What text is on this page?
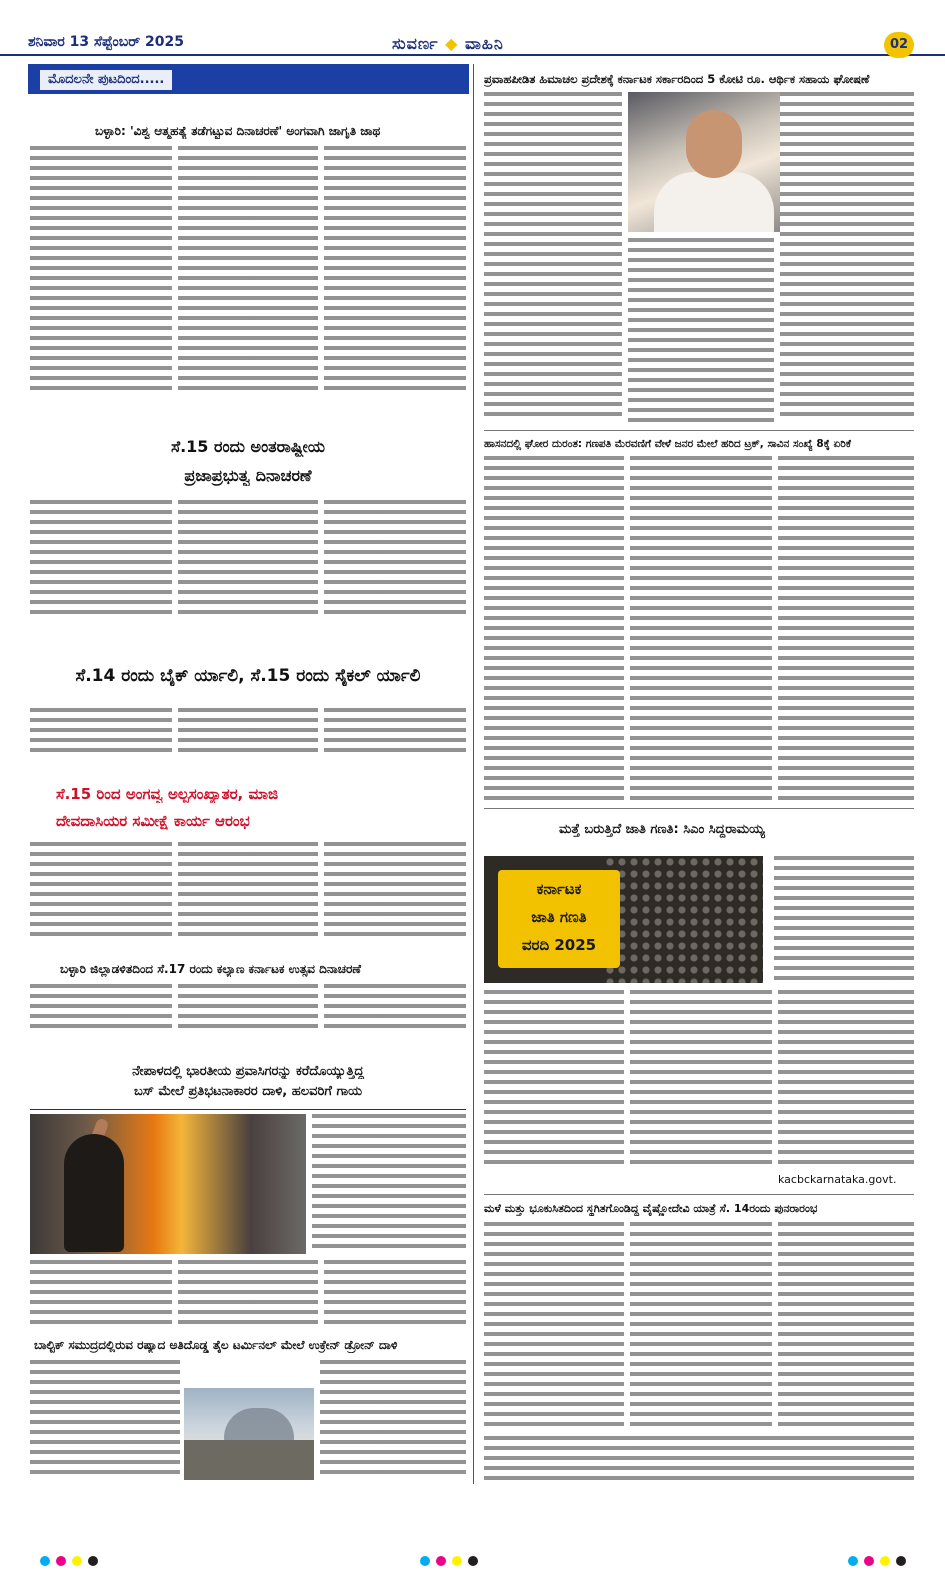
ಶನಿವಾರ 13 ಸೆಪ್ಟೆಂಬರ್ 2025	ಸುವರ್ಣ ◆ ವಾಹಿನಿ	02
ಮೊದಲನೇ ಪುಟದಿಂದ.....
ಬಳ್ಳಾರಿ: 'ವಿಶ್ವ ಆತ್ಮಹತ್ಯೆ ತಡೆಗಟ್ಟುವ ದಿನಾಚರಣೆ' ಅಂಗವಾಗಿ ಜಾಗೃತಿ ಜಾಥ
ಸೆ.15 ರಂದು ಅಂತರಾಷ್ಟ್ರೀಯ
ಪ್ರಜಾಪ್ರಭುತ್ವ ದಿನಾಚರಣೆ
ಸೆ.14 ರಂದು ಬೈಕ್ ರ್ಯಾಲಿ, ಸೆ.15 ರಂದು ಸೈಕಲ್ ರ್ಯಾಲಿ
ಸೆ.15 ರಿಂದ ಅಂಗವ್ವ ಅಲ್ಪಸಂಖ್ಯಾತರ, ಮಾಜಿ
ದೇವದಾಸಿಯರ ಸಮೀಕ್ಷೆ ಕಾರ್ಯ ಆರಂಭ
ಬಳ್ಳಾರಿ ಜಿಲ್ಲಾಡಳಿತದಿಂದ ಸೆ.17 ರಂದು ಕಲ್ಯಾಣ ಕರ್ನಾಟಕ ಉತ್ಸವ ದಿನಾಚರಣೆ
ನೇಪಾಳದಲ್ಲಿ ಭಾರತೀಯ ಪ್ರವಾಸಿಗರನ್ನು ಕರೆದೊಯ್ಯುತ್ತಿದ್ದ
ಬಸ್ ಮೇಲೆ ಪ್ರತಿಭಟನಾಕಾರರ ದಾಳಿ, ಹಲವರಿಗೆ ಗಾಯ
ಬಾಲ್ಟಿಕ್ ಸಮುದ್ರದಲ್ಲಿರುವ ರಷ್ಯಾದ ಅತಿದೊಡ್ಡ ತೈಲ ಟರ್ಮಿನಲ್ ಮೇಲೆ ಉಕ್ರೇನ್ ಡ್ರೋನ್ ದಾಳಿ
ಪ್ರವಾಹಪೀಡಿತ ಹಿಮಾಚಲ ಪ್ರದೇಶಕ್ಕೆ ಕರ್ನಾಟಕ ಸರ್ಕಾರದಿಂದ 5 ಕೋಟಿ ರೂ. ಆರ್ಥಿಕ ಸಹಾಯ ಘೋಷಣೆ
ಹಾಸನದಲ್ಲಿ ಘೋರ ದುರಂತ: ಗಣಪತಿ ಮೆರವಣಿಗೆ ವೇಳೆ ಜನರ ಮೇಲೆ ಹರಿದ ಟ್ರಕ್, ಸಾವಿನ ಸಂಖ್ಯೆ 8ಕ್ಕೆ ಏರಿಕೆ
ಮತ್ತೆ ಬರುತ್ತಿದೆ ಜಾತಿ ಗಣತಿ: ಸಿಎಂ ಸಿದ್ದರಾಮಯ್ಯ
ಕರ್ನಾಟಕ
ಜಾತಿ ಗಣತಿ
ವರದಿ 2025
kacbckarnataka.govt.
ಮಳೆ ಮತ್ತು ಭೂಕುಸಿತದಿಂದ ಸ್ಥಗಿತಗೊಂಡಿದ್ದ ವೈಷ್ಣೋದೇವಿ ಯಾತ್ರೆ ಸೆ. 14ರಂದು ಪುನರಾರಂಭ
